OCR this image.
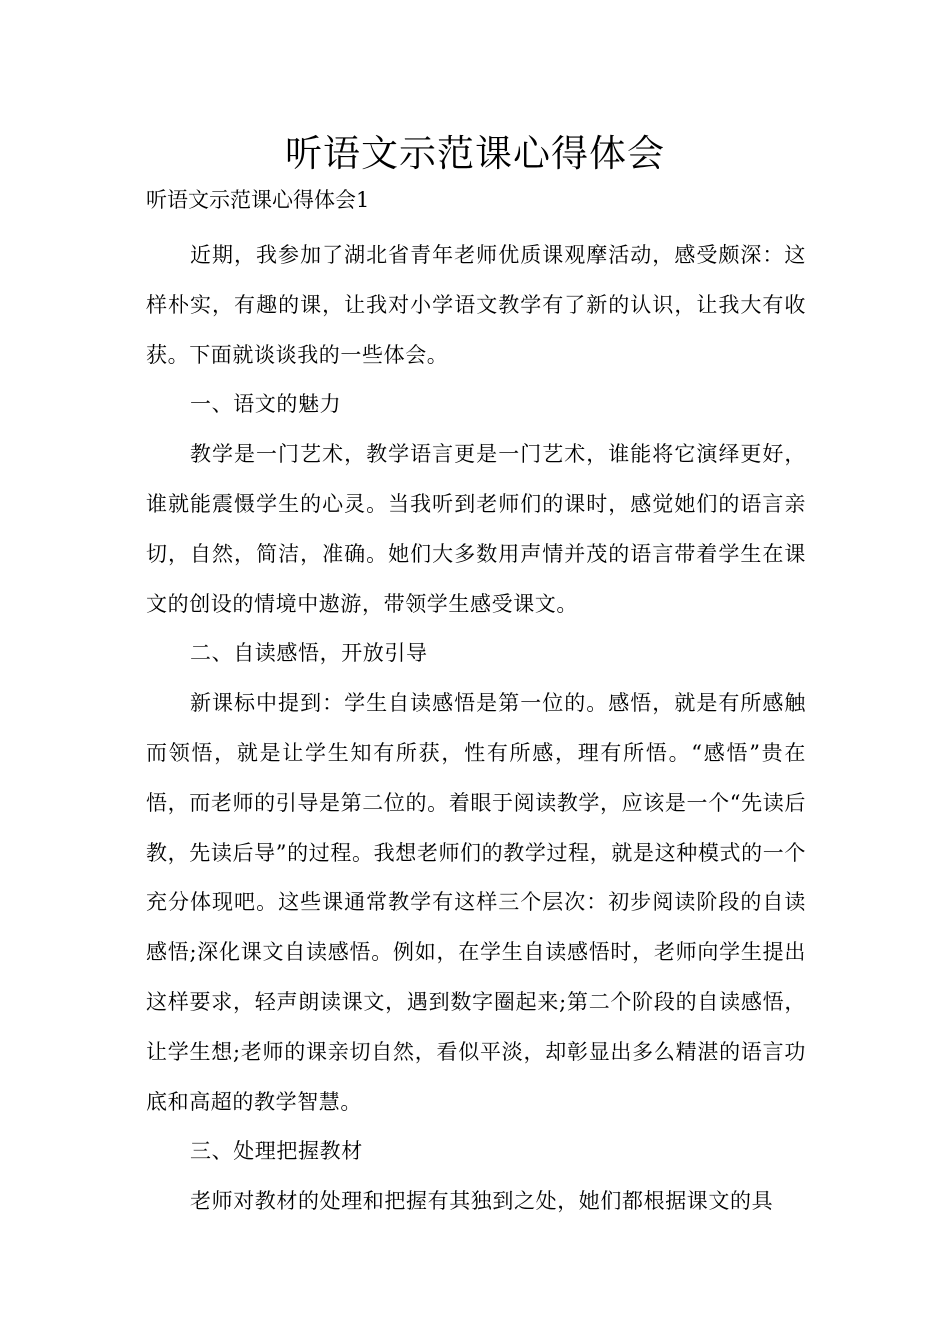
听语文示范课心得体会
听语文示范课心得体会1

近期，我参加了湖北省青年老师优质课观摩活动，感受颇深：这样朴实，有趣的课，让我对小学语文教学有了新的认识，让我大有收获。下面就谈谈我的一些体会。

一、语文的魅力

教学是一门艺术，教学语言更是一门艺术，谁能将它演绎更好，谁就能震慑学生的心灵。当我听到老师们的课时，感觉她们的语言亲切，自然，简洁，准确。她们大多数用声情并茂的语言带着学生在课文的创设的情境中遨游，带领学生感受课文。

二、自读感悟，开放引导

新课标中提到：学生自读感悟是第一位的。感悟，就是有所感触而领悟，就是让学生知有所获，性有所感，理有所悟。“感悟”贵在悟，而老师的引导是第二位的。着眼于阅读教学，应该是一个“先读后教，先读后导”的过程。我想老师们的教学过程，就是这种模式的一个充分体现吧。这些课通常教学有这样三个层次：初步阅读阶段的自读感悟;深化课文自读感悟。例如，在学生自读感悟时，老师向学生提出这样要求，轻声朗读课文，遇到数字圈起来;第二个阶段的自读感悟，让学生想;老师的课亲切自然，看似平淡，却彰显出多么精湛的语言功底和高超的教学智慧。

三、处理把握教材

老师对教材的处理和把握有其独到之处，她们都根据课文的具
